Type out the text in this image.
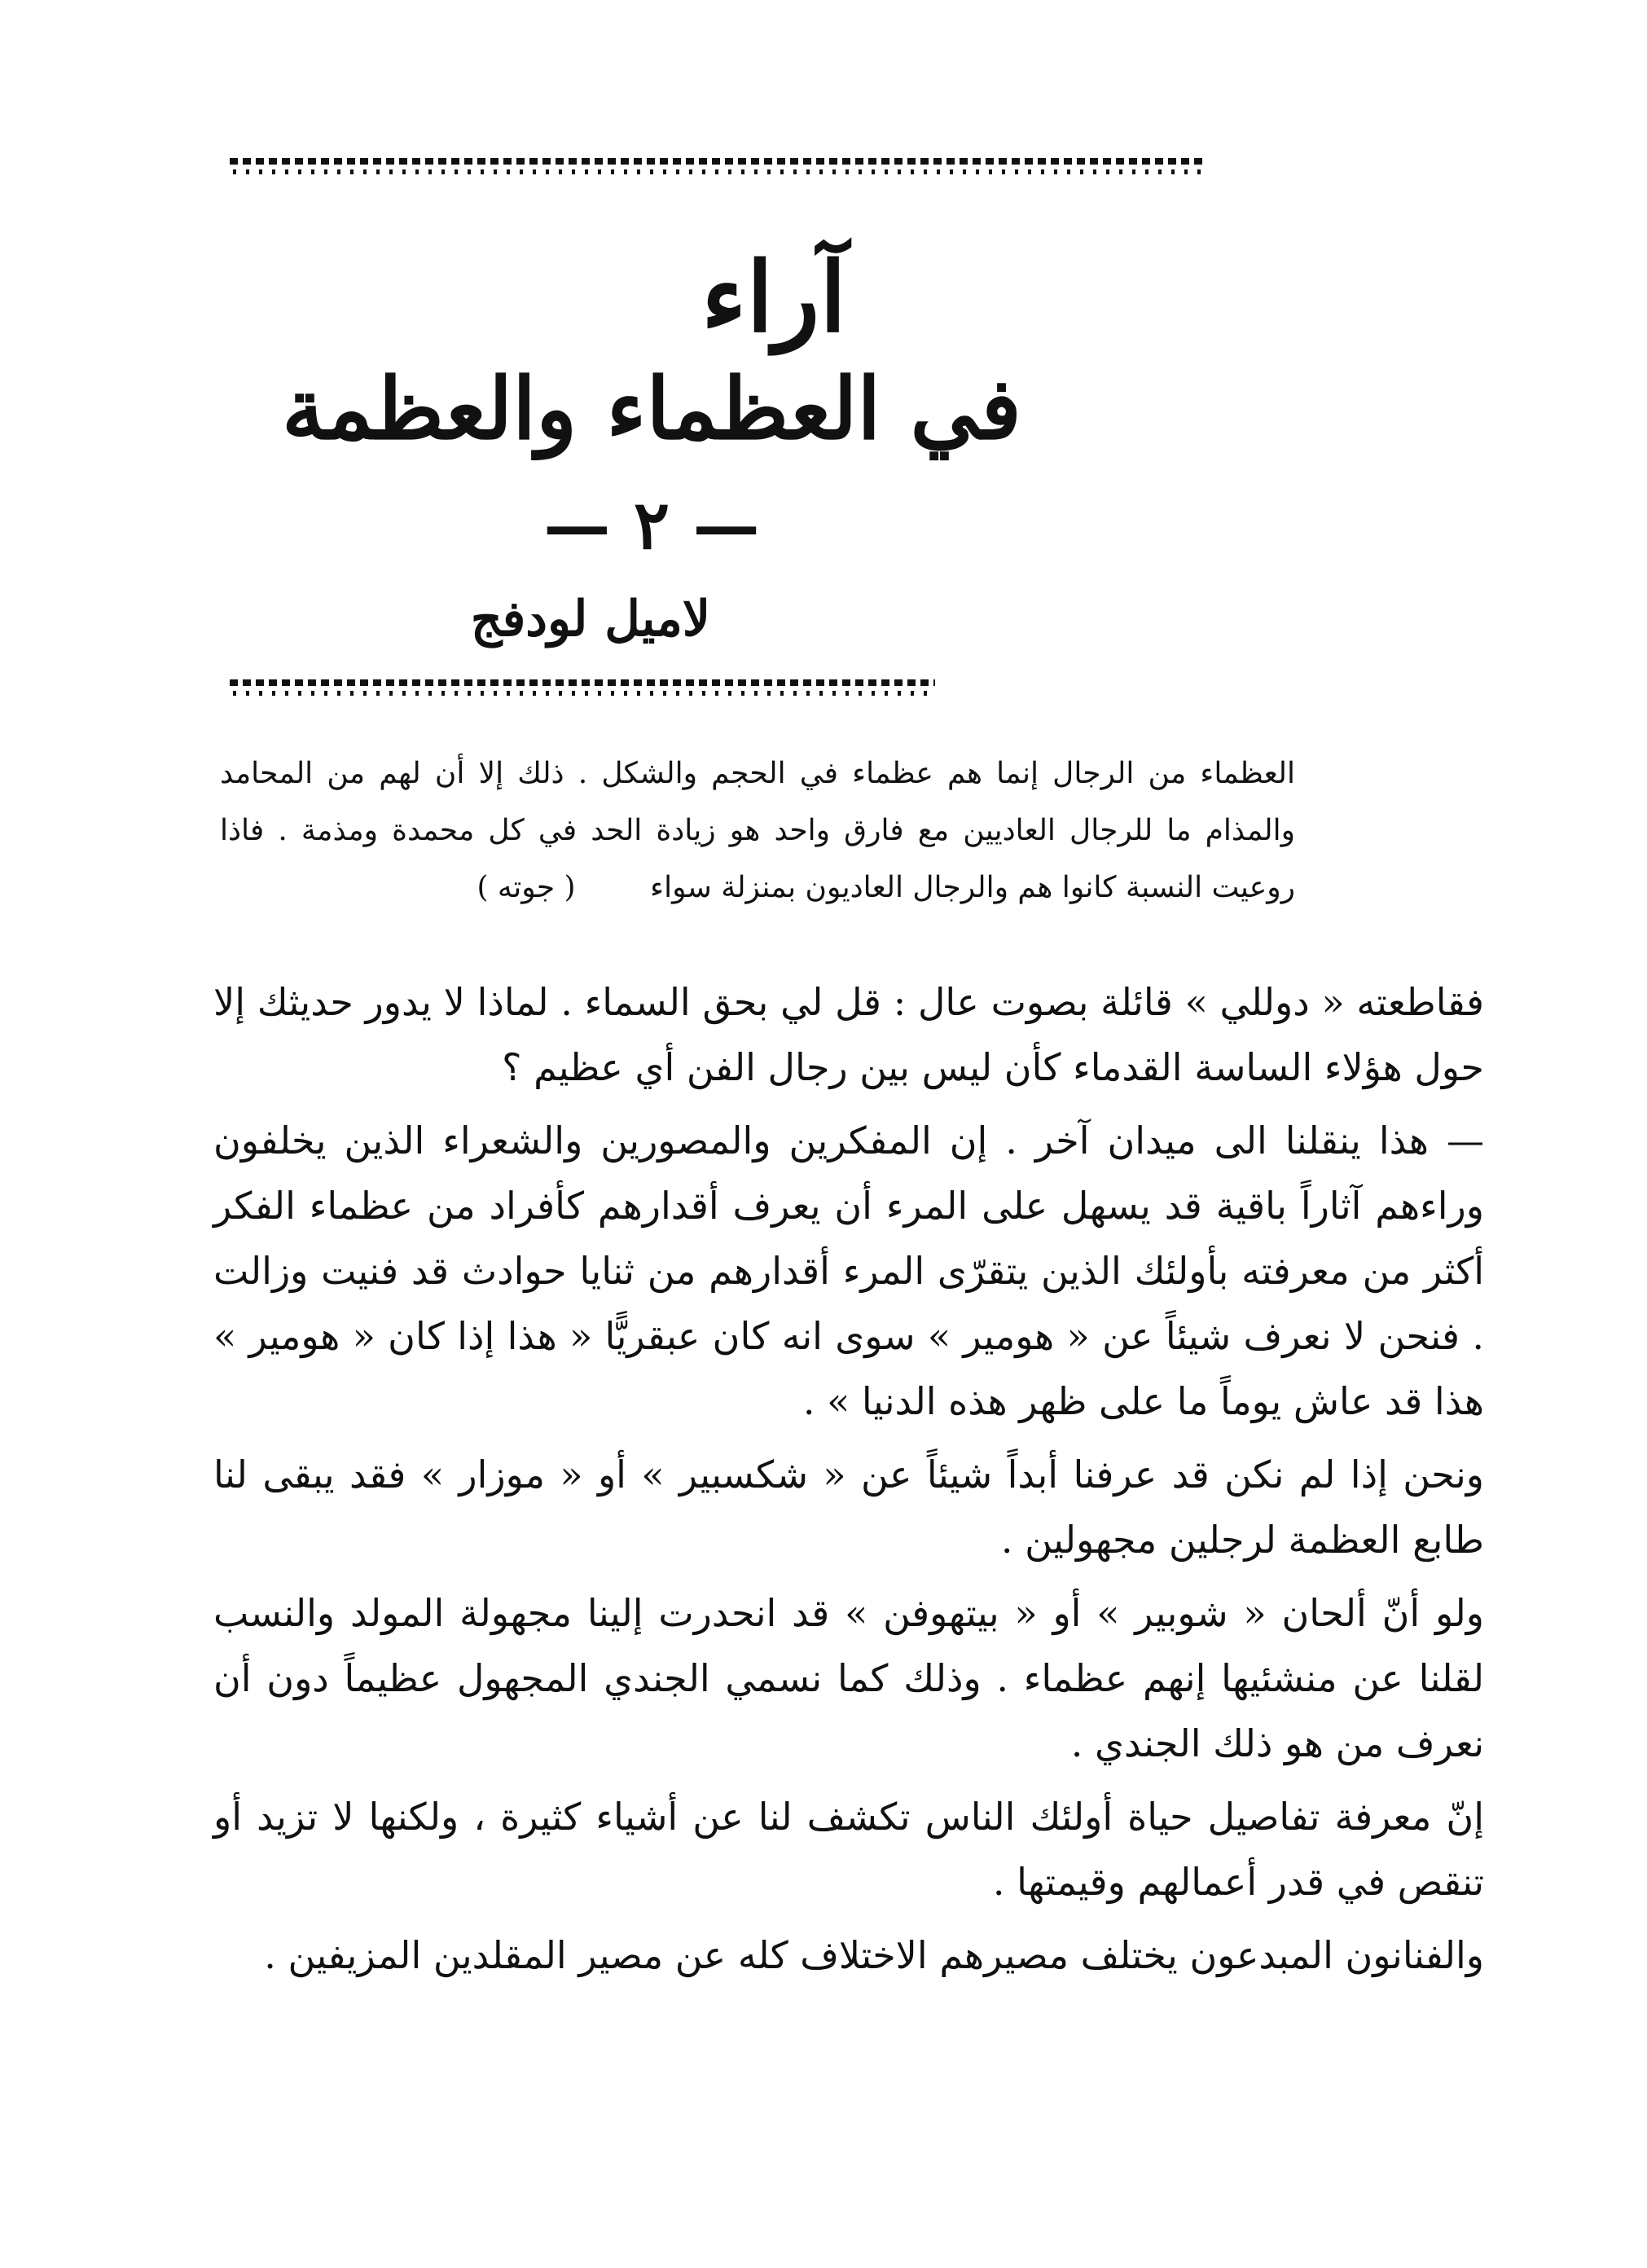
آراء
في العظماء والعظمة
— ٢ —
لاميل لودفج
العظماء من الرجال إنما هم عظماء في الحجم والشكل . ذلك إلا أن لهم من المحامد والمذام ما للرجال العاديين مع فارق واحد هو زيادة الحد في كل محمدة ومذمة . فاذا روعيت النسبة كانوا هم والرجال العاديون بمنزلة سواء        ( جوته )

فقاطعته « دوللي » قائلة بصوت عال : قل لي بحق السماء . لماذا لا يدور حديثك إلا حول هؤلاء الساسة القدماء كأن ليس بين رجال الفن أي عظيم ؟

— هذا ينقلنا الى ميدان آخر . إن المفكرين والمصورين والشعراء الذين يخلفون وراءهم آثاراً باقية قد يسهل على المرء أن يعرف أقدارهم كأفراد من عظماء الفكر أكثر من معرفته بأولئك الذين يتقرّى المرء أقدارهم من ثنايا حوادث قد فنيت وزالت . فنحن لا نعرف شيئاً عن « هومير » سوى انه كان عبقريًّا « هذا إذا كان « هومير » هذا قد عاش يوماً ما على ظهر هذه الدنيا » .

ونحن إذا لم نكن قد عرفنا أبداً شيئاً عن « شكسبير » أو « موزار » فقد يبقى لنا طابع العظمة لرجلين مجهولين .

ولو أنّ ألحان « شوبير » أو « بيتهوفن » قد انحدرت إلينا مجهولة المولد والنسب لقلنا عن منشئيها إنهم عظماء . وذلك كما نسمي الجندي المجهول عظيماً دون أن نعرف من هو ذلك الجندي .

إنّ معرفة تفاصيل حياة أولئك الناس تكشف لنا عن أشياء كثيرة ، ولكنها لا تزيد أو تنقص في قدر أعمالهم وقيمتها .

والفنانون المبدعون يختلف مصيرهم الاختلاف كله عن مصير المقلدين المزيفين .
